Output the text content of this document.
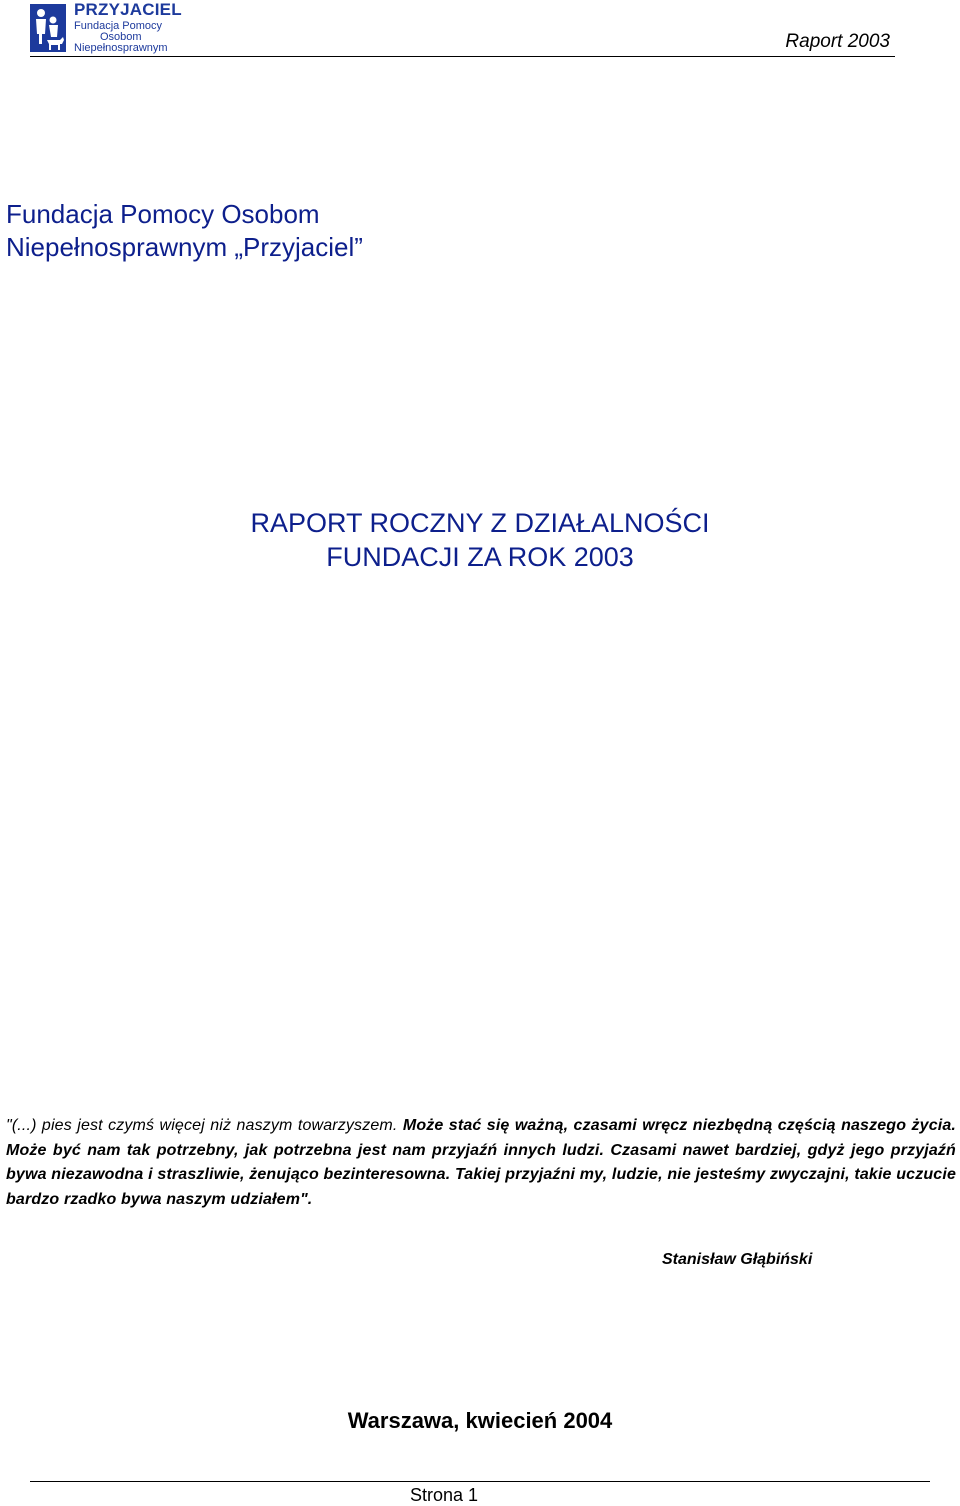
PRZYJACIEL
Fundacja Pomocy
Osobom
Niepełnosprawnym	Raport 2003
Fundacja Pomocy Osobom
Niepełnosprawnym „Przyjaciel”
RAPORT ROCZNY Z DZIAŁALNOŚCI
FUNDACJI ZA ROK 2003

"(...) pies jest czymś więcej niż naszym towarzyszem. Może stać się ważną, czasami wręcz niezbędną częścią naszego życia. Może być nam tak potrzebny, jak potrzebna jest nam przyjaźń innych ludzi. Czasami nawet bardziej, gdyż jego przyjaźń bywa niezawodna i straszliwie, żenująco bezinteresowna. Takiej przyjaźni my, ludzie, nie jesteśmy zwyczajni, takie uczucie bardzo rzadko bywa naszym udziałem".

Stanisław Głąbiński
Warszawa, kwiecień 2004
Strona 1
